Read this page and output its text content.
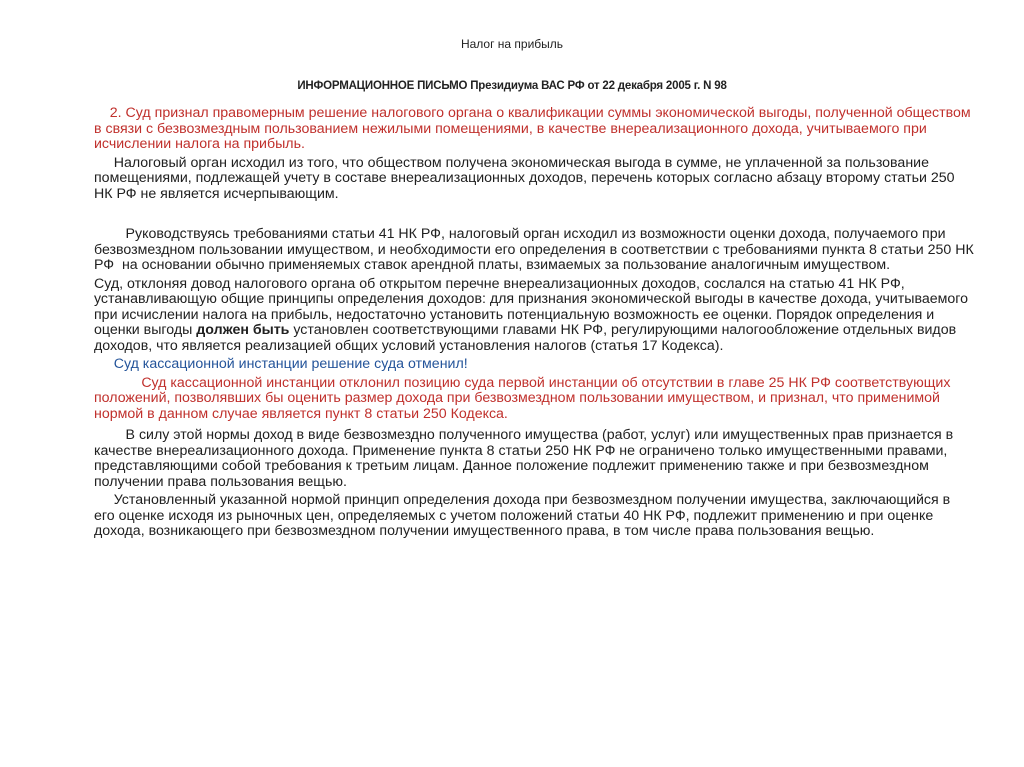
Налог на прибыль
ИНФОРМАЦИОННОЕ ПИСЬМО Президиума ВАС РФ от 22 декабря 2005 г. N 98

2. Суд признал правомерным решение налогового органа о квалификации суммы экономической выгоды, полученной обществом в связи с безвозмездным пользованием нежилыми помещениями, в качестве внереализационного дохода, учитываемого при исчислении налога на прибыль.

Налоговый орган исходил из того, что обществом получена экономическая выгода в сумме, не уплаченной за пользование помещениями, подлежащей учету в составе внереализационных доходов, перечень которых согласно абзацу второму статьи 250 НК РФ не является исчерпывающим.

Руководствуясь требованиями статьи 41 НК РФ, налоговый орган исходил из возможности оценки дохода, получаемого при безвозмездном пользовании имуществом, и необходимости его определения в соответствии с требованиями пункта 8 статьи 250 НК РФ  на основании обычно применяемых ставок арендной платы, взимаемых за пользование аналогичным имуществом.

Суд, отклоняя довод налогового органа об открытом перечне внереализационных доходов, сослался на статью 41 НК РФ, устанавливающую общие принципы определения доходов: для признания экономической выгоды в качестве дохода, учитываемого при исчислении налога на прибыль, недостаточно установить потенциальную возможность ее оценки. Порядок определения и оценки выгоды должен быть установлен соответствующими главами НК РФ, регулирующими налогообложение отдельных видов доходов, что является реализацией общих условий установления налогов (статья 17 Кодекса).

Суд кассационной инстанции решение суда отменил!

Суд кассационной инстанции отклонил позицию суда первой инстанции об отсутствии в главе 25 НК РФ соответствующих положений, позволявших бы оценить размер дохода при безвозмездном пользовании имуществом, и признал, что применимой нормой в данном случае является пункт 8 статьи 250 Кодекса.

В силу этой нормы доход в виде безвозмездно полученного имущества (работ, услуг) или имущественных прав признается в качестве внереализационного дохода. Применение пункта 8 статьи 250 НК РФ не ограничено только имущественными правами, представляющими собой требования к третьим лицам. Данное положение подлежит применению также и при безвозмездном получении права пользования вещью.

Установленный указанной нормой принцип определения дохода при безвозмездном получении имущества, заключающийся в его оценке исходя из рыночных цен, определяемых с учетом положений статьи 40 НК РФ, подлежит применению и при оценке дохода, возникающего при безвозмездном получении имущественного права, в том числе права пользования вещью.
